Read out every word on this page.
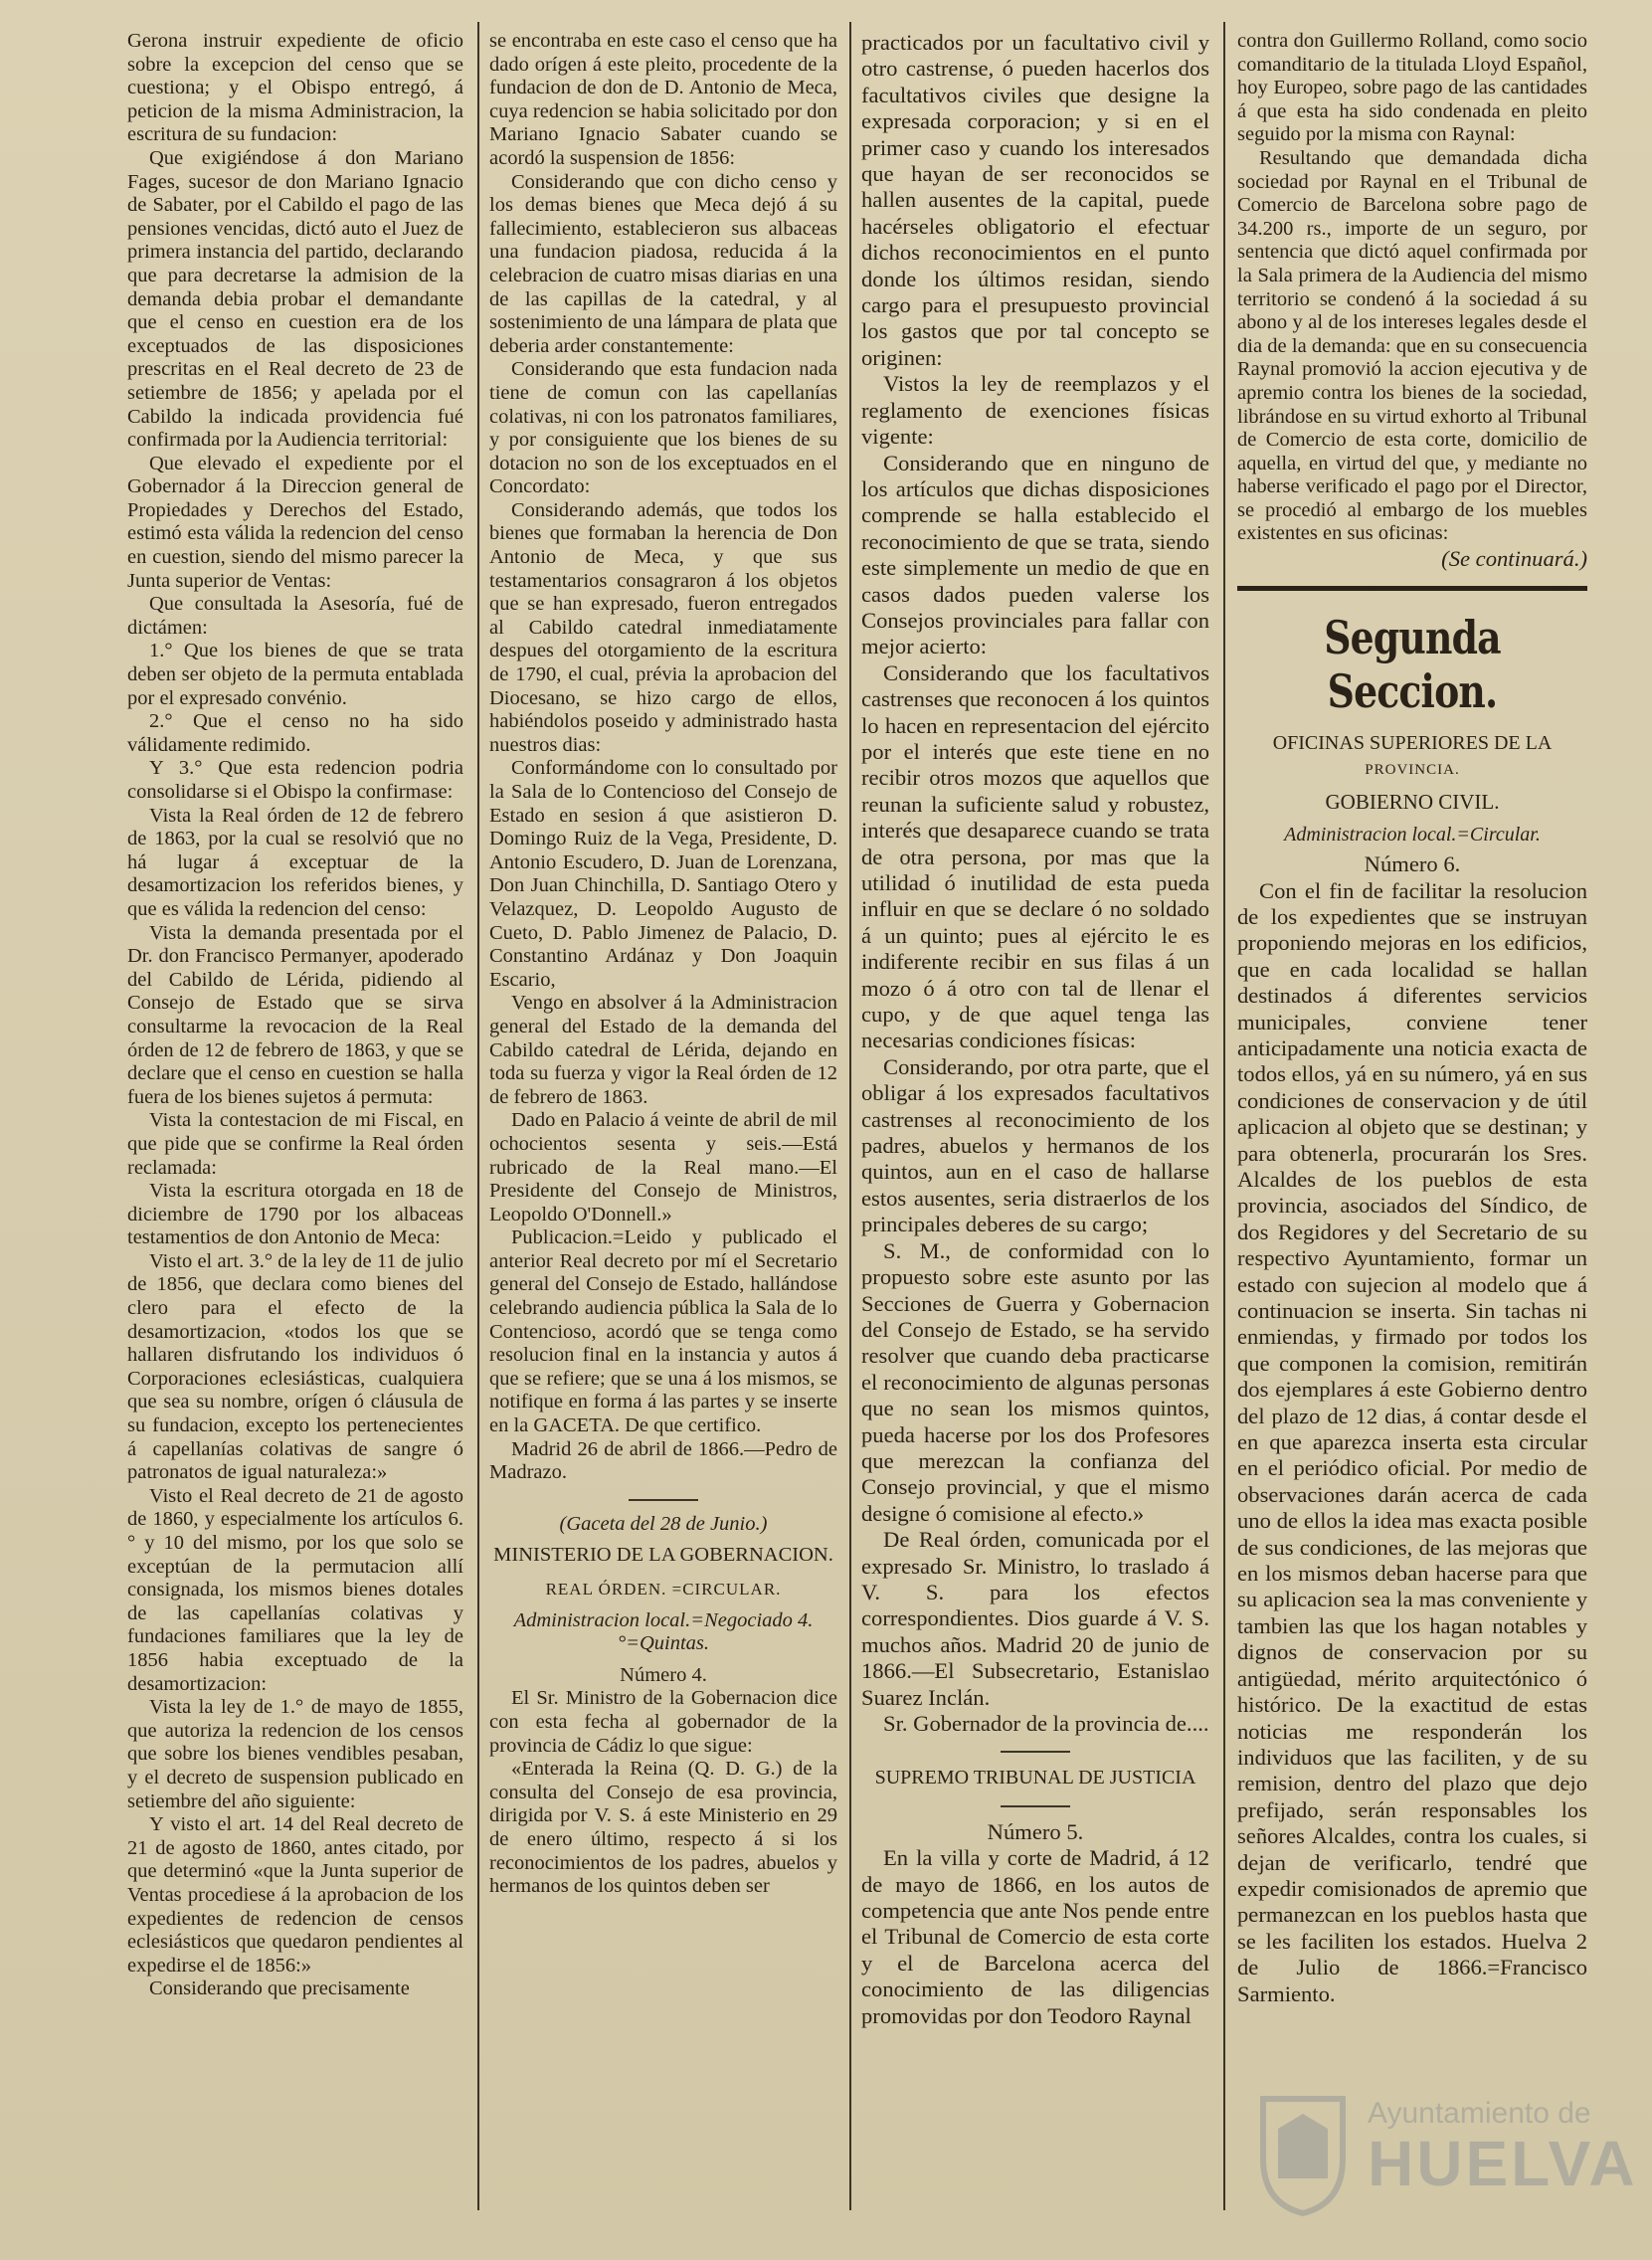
Gerona instruir expediente de oficio sobre la excepcion del censo que se cuestiona; y el Obispo entregó, á peticion de la misma Administracion, la escritura de su fundacion:

Que exigiéndose á don Mariano Fages, sucesor de don Mariano Ignacio de Sabater, por el Cabildo el pago de las pensiones vencidas, dictó auto el Juez de primera instancia del partido, declarando que para decretarse la admision de la demanda debia probar el demandante que el censo en cuestion era de los exceptuados de las disposiciones prescritas en el Real decreto de 23 de setiembre de 1856; y apelada por el Cabildo la indicada providencia fué confirmada por la Audiencia territorial:

Que elevado el expediente por el Gobernador á la Direccion general de Propiedades y Derechos del Estado, estimó esta válida la redencion del censo en cuestion, siendo del mismo parecer la Junta superior de Ventas:

Que consultada la Asesoría, fué de dictámen:

1.° Que los bienes de que se trata deben ser objeto de la permuta entablada por el expresado convénio.

2.° Que el censo no ha sido válidamente redimido.

Y 3.° Que esta redencion podria consolidarse si el Obispo la confirmase:

Vista la Real órden de 12 de febrero de 1863, por la cual se resolvió que no há lugar á exceptuar de la desamortizacion los referidos bienes, y que es válida la redencion del censo:

Vista la demanda presentada por el Dr. don Francisco Permanyer, apoderado del Cabildo de Lérida, pidiendo al Consejo de Estado que se sirva consultarme la revocacion de la Real órden de 12 de febrero de 1863, y que se declare que el censo en cuestion se halla fuera de los bienes sujetos á permuta:

Vista la contestacion de mi Fiscal, en que pide que se confirme la Real órden reclamada:

Vista la escritura otorgada en 18 de diciembre de 1790 por los albaceas testamentios de don Antonio de Meca:

Visto el art. 3.° de la ley de 11 de julio de 1856, que declara como bienes del clero para el efecto de la desamortizacion, «todos los que se hallaren disfrutando los individuos ó Corporaciones eclesiásticas, cualquiera que sea su nombre, orígen ó cláusula de su fundacion, excepto los pertenecientes á capellanías colativas de sangre ó patronatos de igual naturaleza:»

Visto el Real decreto de 21 de agosto de 1860, y especialmente los artículos 6.° y 10 del mismo, por los que solo se exceptúan de la permutacion allí consignada, los mismos bienes dotales de las capellanías colativas y fundaciones familiares que la ley de 1856 habia exceptuado de la desamortizacion:

Vista la ley de 1.° de mayo de 1855, que autoriza la redencion de los censos que sobre los bienes vendibles pesaban, y el decreto de suspension publicado en setiembre del año siguiente:

Y visto el art. 14 del Real decreto de 21 de agosto de 1860, antes citado, por que determinó «que la Junta superior de Ventas procediese á la aprobacion de los expedientes de redencion de censos eclesiásticos que quedaron pendientes al expedirse el de 1856:»

Considerando que precisamente

se encontraba en este caso el censo que ha dado orígen á este pleito, procedente de la fundacion de don de D. Antonio de Meca, cuya redencion se habia solicitado por don Mariano Ignacio Sabater cuando se acordó la suspension de 1856:

Considerando que con dicho censo y los demas bienes que Meca dejó á su fallecimiento, establecieron sus albaceas una fundacion piadosa, reducida á la celebracion de cuatro misas diarias en una de las capillas de la catedral, y al sostenimiento de una lámpara de plata que deberia arder constantemente:

Considerando que esta fundacion nada tiene de comun con las capellanías colativas, ni con los patronatos familiares, y por consiguiente que los bienes de su dotacion no son de los exceptuados en el Concordato:

Considerando además, que todos los bienes que formaban la herencia de Don Antonio de Meca, y que sus testamentarios consagraron á los objetos que se han expresado, fueron entregados al Cabildo catedral inmediatamente despues del otorgamiento de la escritura de 1790, el cual, prévia la aprobacion del Diocesano, se hizo cargo de ellos, habiéndolos poseido y administrado hasta nuestros dias:

Conformándome con lo consultado por la Sala de lo Contencioso del Consejo de Estado en sesion á que asistieron D. Domingo Ruiz de la Vega, Presidente, D. Antonio Escudero, D. Juan de Lorenzana, Don Juan Chinchilla, D. Santiago Otero y Velazquez, D. Leopoldo Augusto de Cueto, D. Pablo Jimenez de Palacio, D. Constantino Ardánaz y Don Joaquin Escario,

Vengo en absolver á la Administracion general del Estado de la demanda del Cabildo catedral de Lérida, dejando en toda su fuerza y vigor la Real órden de 12 de febrero de 1863.

Dado en Palacio á veinte de abril de mil ochocientos sesenta y seis.—Está rubricado de la Real mano.—El Presidente del Consejo de Ministros, Leopoldo O'Donnell.»

Publicacion.=Leido y publicado el anterior Real decreto por mí el Secretario general del Consejo de Estado, hallándose celebrando audiencia pública la Sala de lo Contencioso, acordó que se tenga como resolucion final en la instancia y autos á que se refiere; que se una á los mismos, se notifique en forma á las partes y se inserte en la GACETA. De que certifico.

Madrid 26 de abril de 1866.—Pedro de Madrazo.

(Gaceta del 28 de Junio.)

MINISTERIO DE LA GOBERNACION.

REAL ÓRDEN. =CIRCULAR.

Administracion local.=Negociado 4.°=Quintas.

Número 4.

El Sr. Ministro de la Gobernacion dice con esta fecha al gobernador de la provincia de Cádiz lo que sigue:

«Enterada la Reina (Q. D. G.) de la consulta del Consejo de esa provincia, dirigida por V. S. á este Ministerio en 29 de enero último, respecto á si los reconocimientos de los padres, abuelos y hermanos de los quintos deben ser

practicados por un facultativo civil y otro castrense, ó pueden hacerlos dos facultativos civiles que designe la expresada corporacion; y si en el primer caso y cuando los interesados que hayan de ser reconocidos se hallen ausentes de la capital, puede hacérseles obligatorio el efectuar dichos reconocimientos en el punto donde los últimos residan, siendo cargo para el presupuesto provincial los gastos que por tal concepto se originen:

Vistos la ley de reemplazos y el reglamento de exenciones físicas vigente:

Considerando que en ninguno de los artículos que dichas disposiciones comprende se halla establecido el reconocimiento de que se trata, siendo este simplemente un medio de que en casos dados pueden valerse los Consejos provinciales para fallar con mejor acierto:

Considerando que los facultativos castrenses que reconocen á los quintos lo hacen en representacion del ejército por el interés que este tiene en no recibir otros mozos que aquellos que reunan la suficiente salud y robustez, interés que desaparece cuando se trata de otra persona, por mas que la utilidad ó inutilidad de esta pueda influir en que se declare ó no soldado á un quinto; pues al ejército le es indiferente recibir en sus filas á un mozo ó á otro con tal de llenar el cupo, y de que aquel tenga las necesarias condiciones físicas:

Considerando, por otra parte, que el obligar á los expresados facultativos castrenses al reconocimiento de los padres, abuelos y hermanos de los quintos, aun en el caso de hallarse estos ausentes, seria distraerlos de los principales deberes de su cargo;

S. M., de conformidad con lo propuesto sobre este asunto por las Secciones de Guerra y Gobernacion del Consejo de Estado, se ha servido resolver que cuando deba practicarse el reconocimiento de algunas personas que no sean los mismos quintos, pueda hacerse por los dos Profesores que merezcan la confianza del Consejo provincial, y que el mismo designe ó comisione al efecto.»

De Real órden, comunicada por el expresado Sr. Ministro, lo traslado á V. S. para los efectos correspondientes. Dios guarde á V. S. muchos años. Madrid 20 de junio de 1866.—El Subsecretario, Estanislao Suarez Inclán.

Sr. Gobernador de la provincia de....

SUPREMO TRIBUNAL DE JUSTICIA

Número 5.

En la villa y corte de Madrid, á 12 de mayo de 1866, en los autos de competencia que ante Nos pende entre el Tribunal de Comercio de esta corte y el de Barcelona acerca del conocimiento de las diligencias promovidas por don Teodoro Raynal

contra don Guillermo Rolland, como socio comanditario de la titulada Lloyd Español, hoy Europeo, sobre pago de las cantidades á que esta ha sido condenada en pleito seguido por la misma con Raynal:

Resultando que demandada dicha sociedad por Raynal en el Tribunal de Comercio de Barcelona sobre pago de 34.200 rs., importe de un seguro, por sentencia que dictó aquel confirmada por la Sala primera de la Audiencia del mismo territorio se condenó á la sociedad á su abono y al de los intereses legales desde el dia de la demanda: que en su consecuencia Raynal promovió la accion ejecutiva y de apremio contra los bienes de la sociedad, librándose en su virtud exhorto al Tribunal de Comercio de esta corte, domicilio de aquella, en virtud del que, y mediante no haberse verificado el pago por el Director, se procedió al embargo de los muebles existentes en sus oficinas:

(Se continuará.)

Segunda Seccion.

OFICINAS SUPERIORES DE LA

PROVINCIA.

GOBIERNO CIVIL.

Administracion local.=Circular.

Número 6.

Con el fin de facilitar la resolucion de los expedientes que se instruyan proponiendo mejoras en los edificios, que en cada localidad se hallan destinados á diferentes servicios municipales, conviene tener anticipadamente una noticia exacta de todos ellos, yá en su número, yá en sus condiciones de conservacion y de útil aplicacion al objeto que se destinan; y para obtenerla, procurarán los Sres. Alcaldes de los pueblos de esta provincia, asociados del Síndico, de dos Regidores y del Secretario de su respectivo Ayuntamiento, formar un estado con sujecion al modelo que á continuacion se inserta. Sin tachas ni enmiendas, y firmado por todos los que componen la comision, remitirán dos ejemplares á este Gobierno dentro del plazo de 12 dias, á contar desde el en que aparezca inserta esta circular en el periódico oficial. Por medio de observaciones darán acerca de cada uno de ellos la idea mas exacta posible de sus condiciones, de las mejoras que en los mismos deban hacerse para que su aplicacion sea la mas conveniente y tambien las que los hagan notables y dignos de conservacion por su antigüedad, mérito arquitectónico ó histórico. De la exactitud de estas noticias me responderán los individuos que las faciliten, y de su remision, dentro del plazo que dejo prefijado, serán responsables los señores Alcaldes, contra los cuales, si dejan de verificarlo, tendré que expedir comisionados de apremio que permanezcan en los pueblos hasta que se les faciliten los estados. Huelva 2 de Julio de 1866.=Francisco Sarmiento.

Ayuntamiento de
HUELVA
